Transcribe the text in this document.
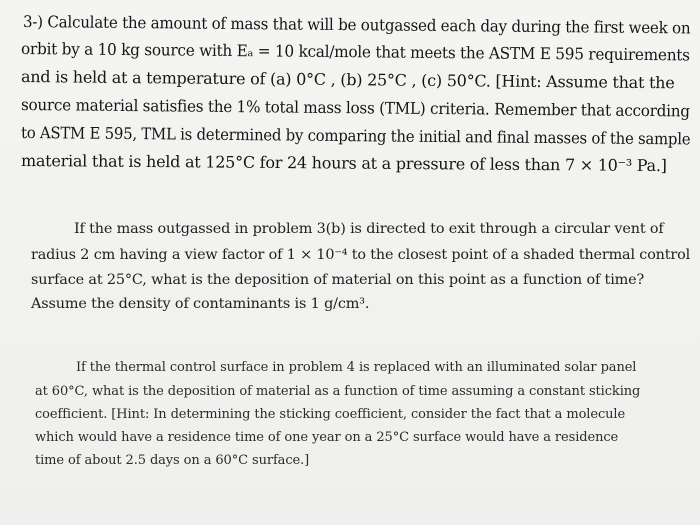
3-) Calculate the amount of mass that will be outgassed each day during the first week on
orbit by a 10 kg source with Eₐ = 10 kcal/mole that meets the ASTM E 595 requirements
and is held at a temperature of (a) 0°C , (b) 25°C , (c) 50°C. [Hint: Assume that the
source material satisfies the 1% total mass loss (TML) criteria. Remember that according
to ASTM E 595, TML is determined by comparing the initial and final masses of the sample
material that is held at 125°C for 24 hours at a pressure of less than 7 × 10⁻³ Pa.]
If the mass outgassed in problem 3(b) is directed to exit through a circular vent of
radius 2 cm having a view factor of 1 × 10⁻⁴ to the closest point of a shaded thermal control
surface at 25°C, what is the deposition of material on this point as a function of time?
Assume the density of contaminants is 1 g/cm³.
If the thermal control surface in problem 4 is replaced with an illuminated solar panel
at 60°C, what is the deposition of material as a function of time assuming a constant sticking
coefficient. [Hint: In determining the sticking coefficient, consider the fact that a molecule
which would have a residence time of one year on a 25°C surface would have a residence
time of about 2.5 days on a 60°C surface.]
